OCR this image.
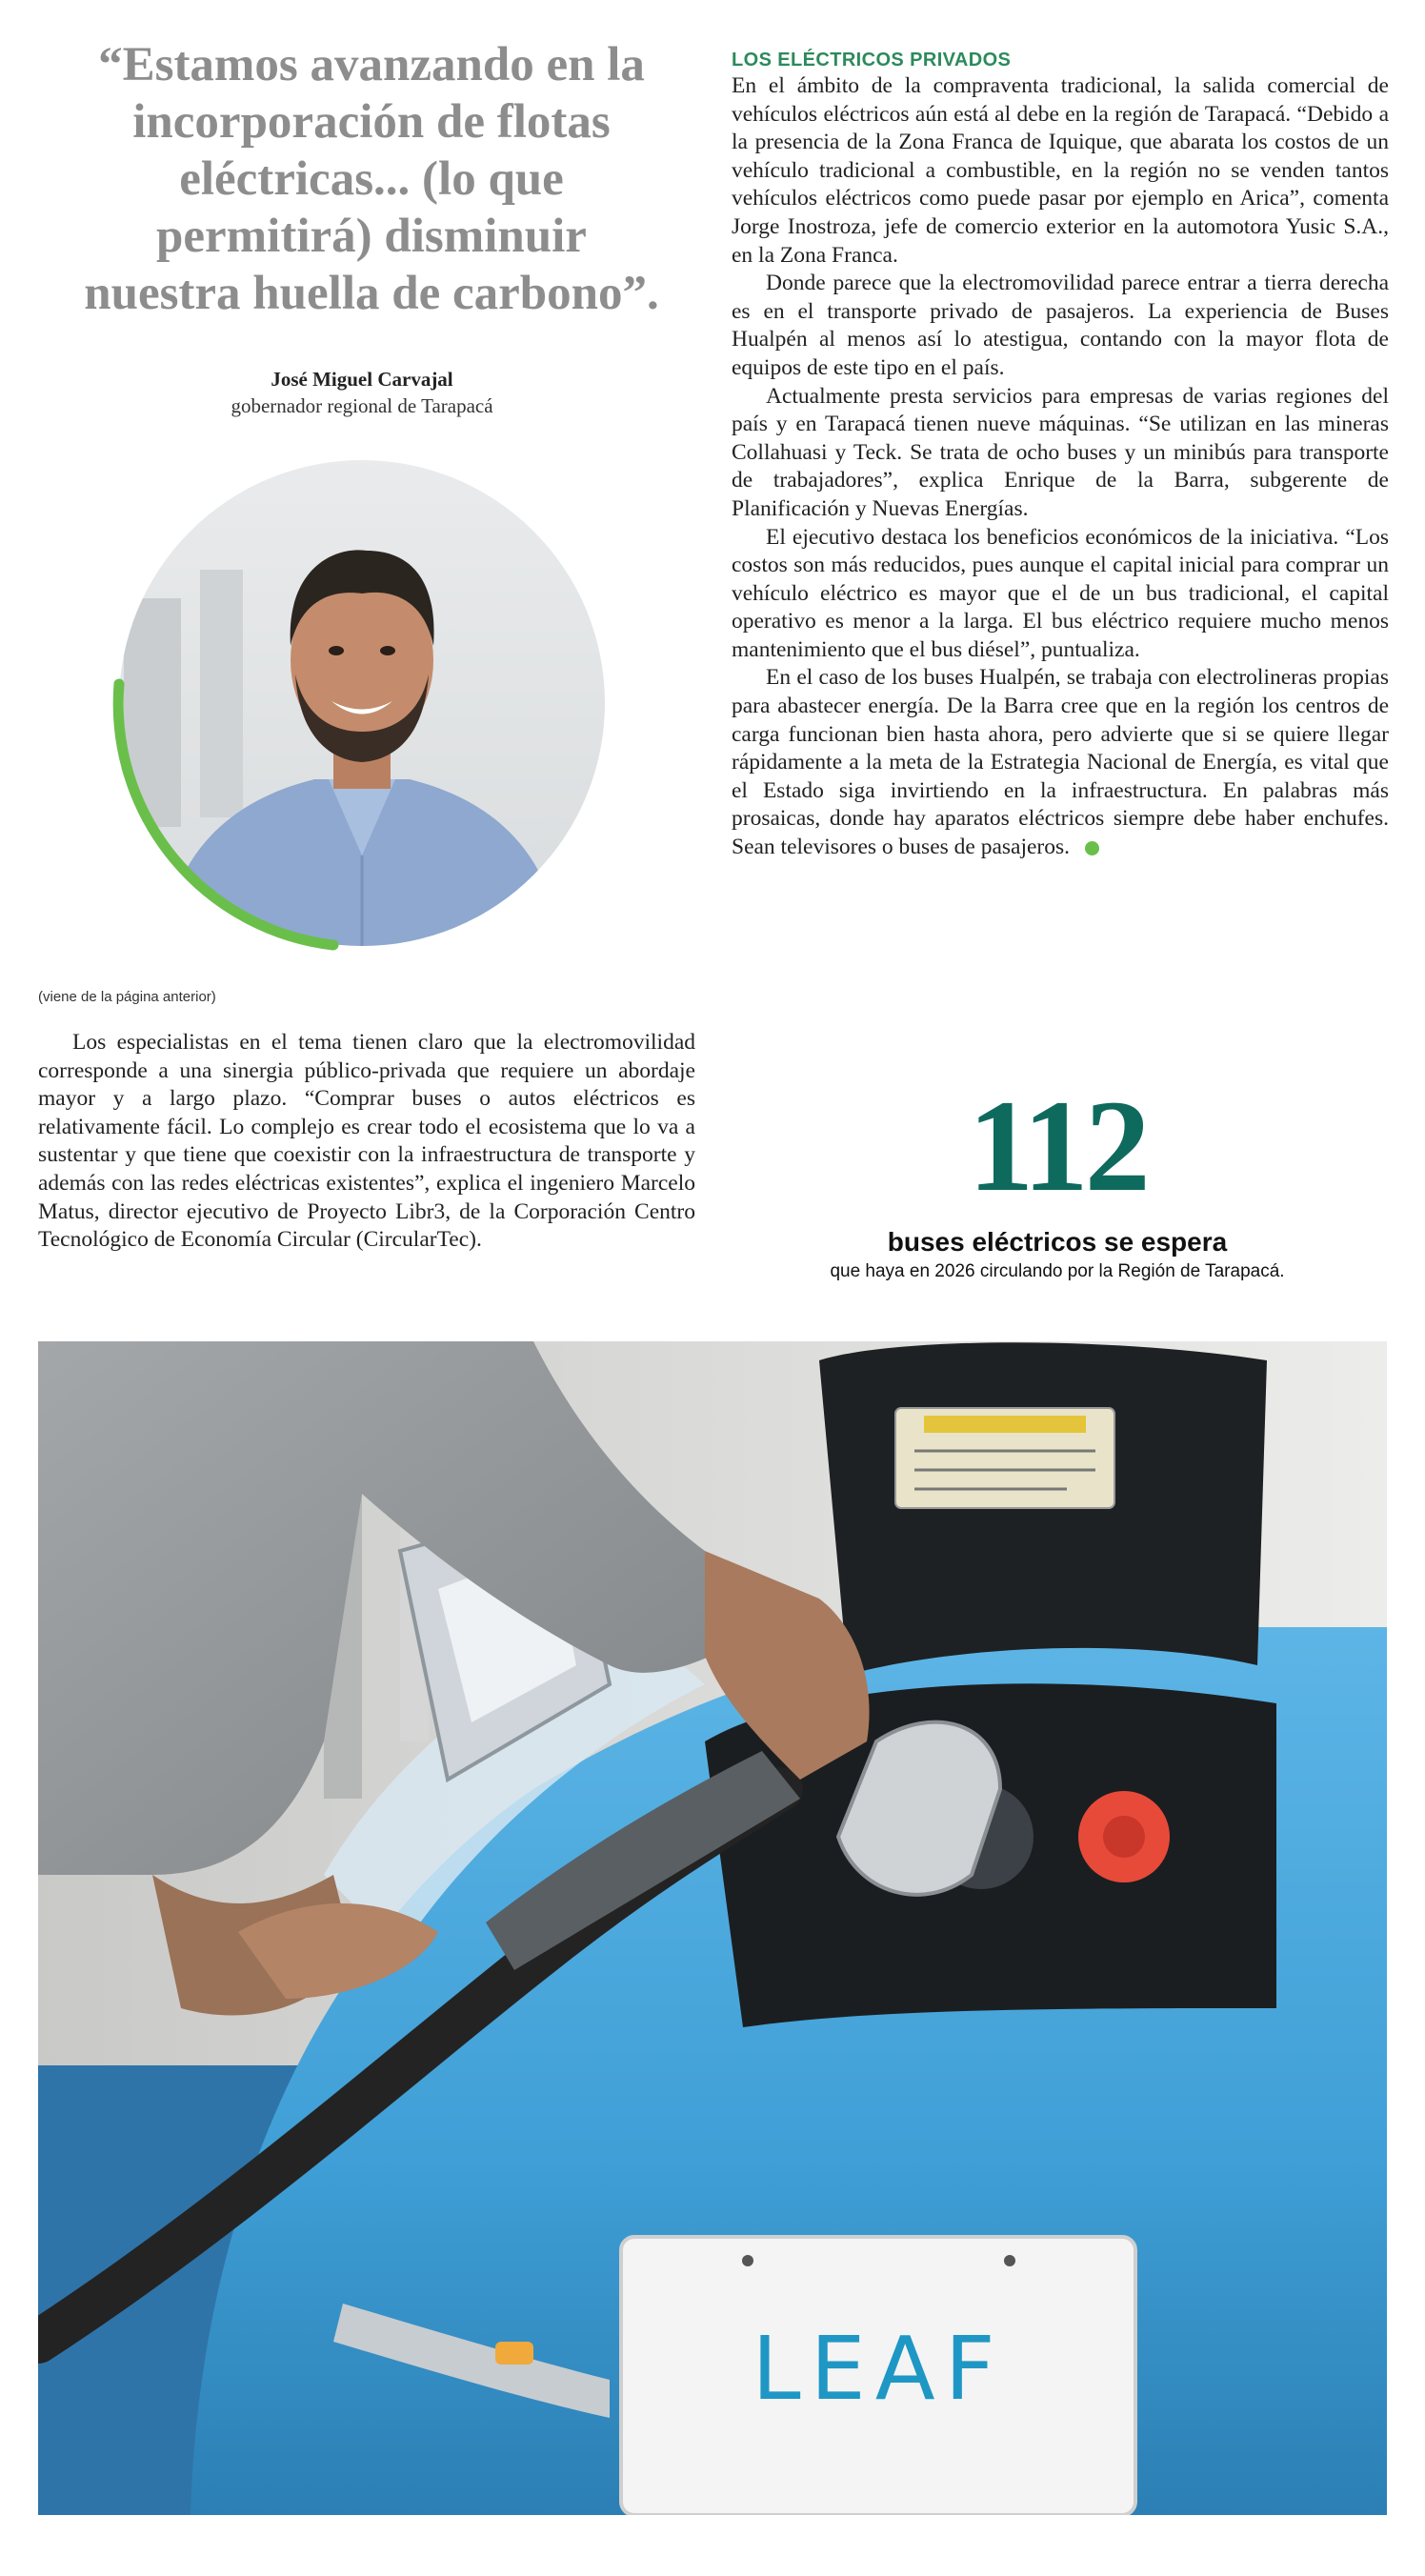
“Estamos avanzando en la incorporación de flotas eléctricas... (lo que permitirá) disminuir nuestra huella de carbono”.

José Miguel Carvajal
gobernador regional de Tarapacá
LOS ELÉCTRICOS PRIVADOS

En el ámbito de la compraventa tradicional, la salida comercial de vehículos eléctricos aún está al debe en la región de Tarapacá. “Debido a la presencia de la Zona Franca de Iquique, que abarata los costos de un vehículo tradicional a combustible, en la región no se venden tantos vehículos eléctricos como puede pasar por ejemplo en Arica”, comenta Jorge Inostroza, jefe de comercio exterior en la automotora Yusic S.A., en la Zona Franca.

Donde parece que la electromovilidad parece entrar a tierra derecha es en el transporte privado de pasajeros. La experiencia de Buses Hualpén al menos así lo atestigua, contando con la mayor flota de equipos de este tipo en el país.

Actualmente presta servicios para empresas de varias regiones del país y en Tarapacá tienen nueve máquinas. “Se utilizan en las mineras Collahuasi y Teck. Se trata de ocho buses y un minibús para transporte de trabajadores”, explica Enrique de la Barra, subgerente de Planificación y Nuevas Energías.

El ejecutivo destaca los beneficios económicos de la iniciativa. “Los costos son más reducidos, pues aunque el capital inicial para comprar un vehículo eléctrico es mayor que el de un bus tradicional, el capital operativo es menor a la larga. El bus eléctrico requiere mucho menos mantenimiento que el bus diésel”, puntualiza.

En el caso de los buses Hualpén, se trabaja con electrolineras propias para abastecer energía. De la Barra cree que en la región los centros de carga funcionan bien hasta ahora, pero advierte que si se quiere llegar rápidamente a la meta de la Estrategia Nacional de Energía, es vital que el Estado siga invirtiendo en la infraestructura. En palabras más prosaicas, donde hay aparatos eléctricos siempre debe haber enchufes. Sean televisores o buses de pasajeros.

(viene de la página anterior)

Los especialistas en el tema tienen claro que la electromovilidad corresponde a una sinergia público-privada que requiere un abordaje mayor y a largo plazo. “Comprar buses o autos eléctricos es relativamente fácil. Lo complejo es crear todo el ecosistema que lo va a sustentar y que tiene que coexistir con la infraestructura de transporte y además con las redes eléctricas existentes”, explica el ingeniero Marcelo Matus, director ejecutivo de Proyecto Libr3, de la Corporación Centro Tecnológico de Economía Circular (CircularTec).

112
buses eléctricos se espera
que haya en 2026 circulando por la Región de Tarapacá.
LEAF
